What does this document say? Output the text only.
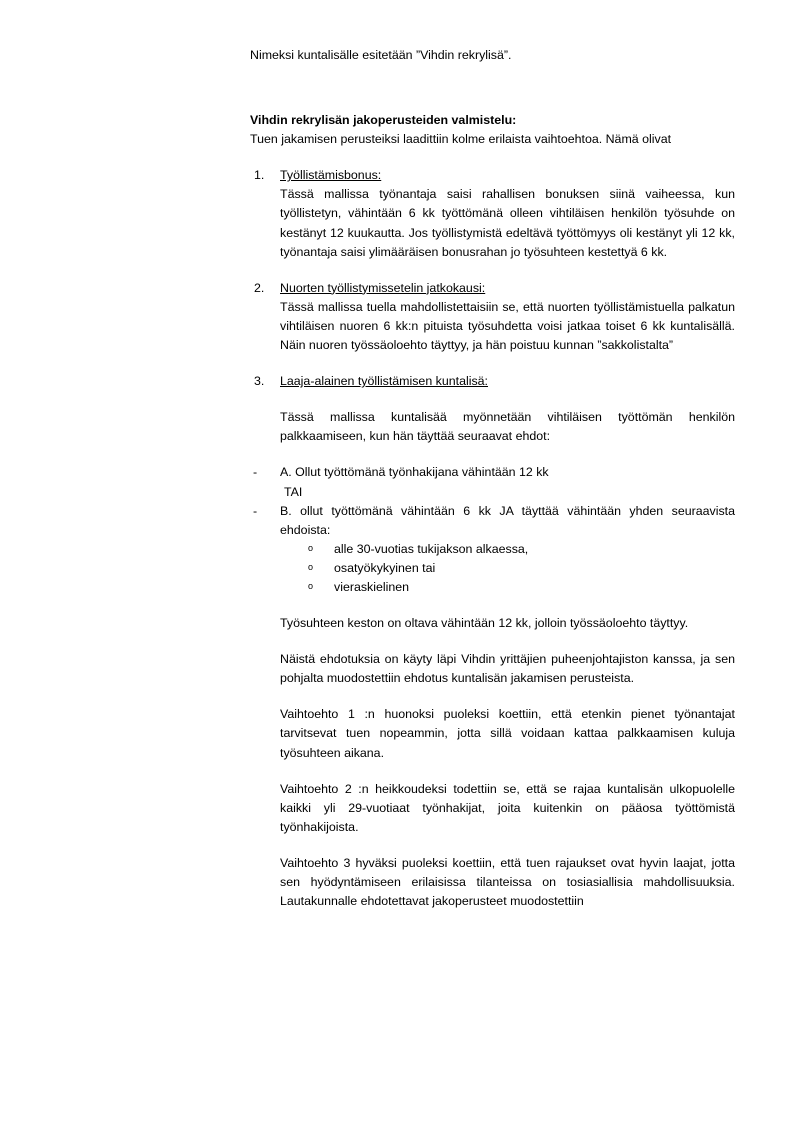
Nimeksi kuntalisälle esitetään ”Vihdin rekrylisä”.

Vihdin rekrylisän jakoperusteiden valmistelu:

Tuen jakamisen perusteiksi laadittiin kolme erilaista vaihtoehtoa. Nämä olivat

1.	Työllistämisbonus:
Tässä mallissa työnantaja saisi rahallisen bonuksen siinä vaiheessa, kun työllistetyn, vähintään 6 kk työttömänä olleen vihtiläisen henkilön työsuhde on kestänyt 12 kuukautta. Jos työllistymistä edeltävä työttömyys oli kestänyt yli 12 kk, työnantaja saisi ylimääräisen bonusrahan jo työsuhteen kestettyä 6 kk.
2.	Nuorten työllistymissetelin jatkokausi:
Tässä mallissa tuella mahdollistettaisiin se, että nuorten työllistämistuella palkatun vihtiläisen nuoren 6 kk:n pituista työsuhdetta voisi jatkaa toiset 6 kk kuntalisällä. Näin nuoren työssäoloehto täyttyy, ja hän poistuu kunnan ”sakkolistalta”
3.	Laaja-alainen työllistämisen kuntalisä:
Tässä mallissa kuntalisää myönnetään vihtiläisen työttömän henkilön palkkaamiseen, kun hän täyttää seuraavat ehdot:
-	A. Ollut työttömänä työnhakijana vähintään 12 kk
TAI
-	B. ollut työttömänä vähintään 6 kk JA täyttää vähintään yhden seuraavista ehdoista:
o	alle 30-vuotias tukijakson alkaessa,
o	osatyökykyinen tai
o	vieraskielinen

Työsuhteen keston on oltava vähintään 12 kk, jolloin työssäoloehto täyttyy.

Näistä ehdotuksia on käyty läpi Vihdin yrittäjien puheenjohtajiston kanssa, ja sen pohjalta muodostettiin ehdotus kuntalisän jakamisen perusteista.

Vaihtoehto 1 :n huonoksi puoleksi koettiin, että etenkin pienet työnantajat tarvitsevat tuen nopeammin, jotta sillä voidaan kattaa palkkaamisen kuluja työsuhteen aikana.

Vaihtoehto 2 :n heikkoudeksi todettiin se, että se rajaa kuntalisän ulkopuolelle kaikki yli 29-vuotiaat työnhakijat, joita kuitenkin on pääosa työttömistä työnhakijoista.

Vaihtoehto 3 hyväksi puoleksi koettiin, että tuen rajaukset ovat hyvin laajat, jotta sen hyödyntämiseen erilaisissa tilanteissa on tosiasiallisia mahdollisuuksia. Lautakunnalle ehdotettavat jakoperusteet muodostettiin
